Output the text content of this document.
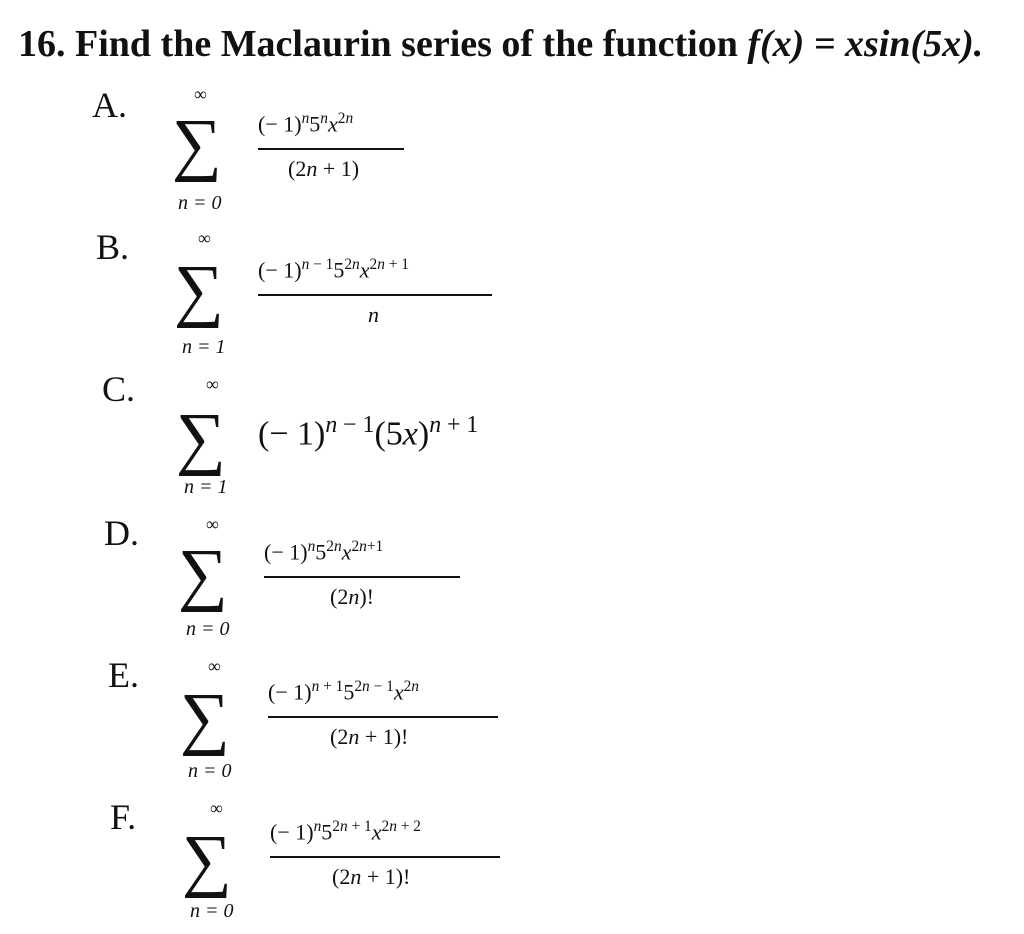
16. Find the Maclaurin series of the function f(x) = xsin(5x).
A.	∞
∑
n = 0
(− $1)^n5^nx^{2n}$
(2n + 1)
B.	∞
∑
n = 1
(− $1)^{n - 1}5^{2n}x^{2n + 1}$
n
C.	∞
∑
n = 1
(− $1)^{n - 1}(5x)^{n + 1}$
D.	∞
∑
n = 0
(− $1)^n5^{2n}x^{2n+1}$
(2n)!
E.	∞
∑
n = 0
(− $1)^{n + 1}5^{2n - 1}x^{2n}$
(2n + 1)!
F.	∞
∑
n = 0
(− $1)^n5^{2n + 1}x^{2n + 2}$
(2n + 1)!
